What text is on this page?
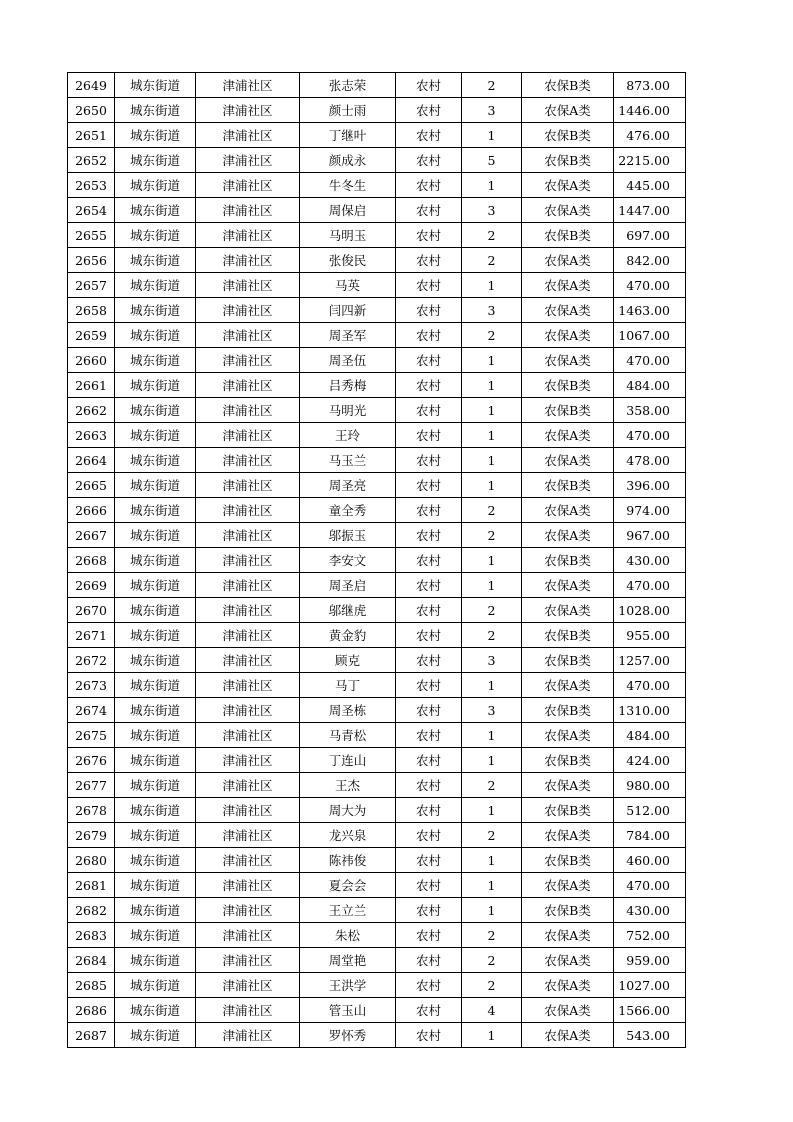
2649	城东街道	津浦社区	张志荣	农村	2	农保B类	873.00
2650	城东街道	津浦社区	颜士雨	农村	3	农保A类	1446.00
2651	城东街道	津浦社区	丁继叶	农村	1	农保B类	476.00
2652	城东街道	津浦社区	颜成永	农村	5	农保B类	2215.00
2653	城东街道	津浦社区	牛冬生	农村	1	农保A类	445.00
2654	城东街道	津浦社区	周保启	农村	3	农保A类	1447.00
2655	城东街道	津浦社区	马明玉	农村	2	农保B类	697.00
2656	城东街道	津浦社区	张俊民	农村	2	农保A类	842.00
2657	城东街道	津浦社区	马英	农村	1	农保A类	470.00
2658	城东街道	津浦社区	闫四新	农村	3	农保A类	1463.00
2659	城东街道	津浦社区	周圣军	农村	2	农保A类	1067.00
2660	城东街道	津浦社区	周圣伍	农村	1	农保A类	470.00
2661	城东街道	津浦社区	吕秀梅	农村	1	农保B类	484.00
2662	城东街道	津浦社区	马明光	农村	1	农保B类	358.00
2663	城东街道	津浦社区	王玲	农村	1	农保A类	470.00
2664	城东街道	津浦社区	马玉兰	农村	1	农保A类	478.00
2665	城东街道	津浦社区	周圣亮	农村	1	农保B类	396.00
2666	城东街道	津浦社区	童全秀	农村	2	农保A类	974.00
2667	城东街道	津浦社区	邬振玉	农村	2	农保A类	967.00
2668	城东街道	津浦社区	李安文	农村	1	农保B类	430.00
2669	城东街道	津浦社区	周圣启	农村	1	农保A类	470.00
2670	城东街道	津浦社区	邬继虎	农村	2	农保A类	1028.00
2671	城东街道	津浦社区	黄金豹	农村	2	农保B类	955.00
2672	城东街道	津浦社区	顾克	农村	3	农保B类	1257.00
2673	城东街道	津浦社区	马丁	农村	1	农保A类	470.00
2674	城东街道	津浦社区	周圣栋	农村	3	农保B类	1310.00
2675	城东街道	津浦社区	马青松	农村	1	农保A类	484.00
2676	城东街道	津浦社区	丁连山	农村	1	农保B类	424.00
2677	城东街道	津浦社区	王杰	农村	2	农保A类	980.00
2678	城东街道	津浦社区	周大为	农村	1	农保B类	512.00
2679	城东街道	津浦社区	龙兴泉	农村	2	农保A类	784.00
2680	城东街道	津浦社区	陈祎俊	农村	1	农保B类	460.00
2681	城东街道	津浦社区	夏会会	农村	1	农保A类	470.00
2682	城东街道	津浦社区	王立兰	农村	1	农保B类	430.00
2683	城东街道	津浦社区	朱松	农村	2	农保A类	752.00
2684	城东街道	津浦社区	周堂艳	农村	2	农保A类	959.00
2685	城东街道	津浦社区	王洪学	农村	2	农保A类	1027.00
2686	城东街道	津浦社区	管玉山	农村	4	农保A类	1566.00
2687	城东街道	津浦社区	罗怀秀	农村	1	农保A类	543.00
